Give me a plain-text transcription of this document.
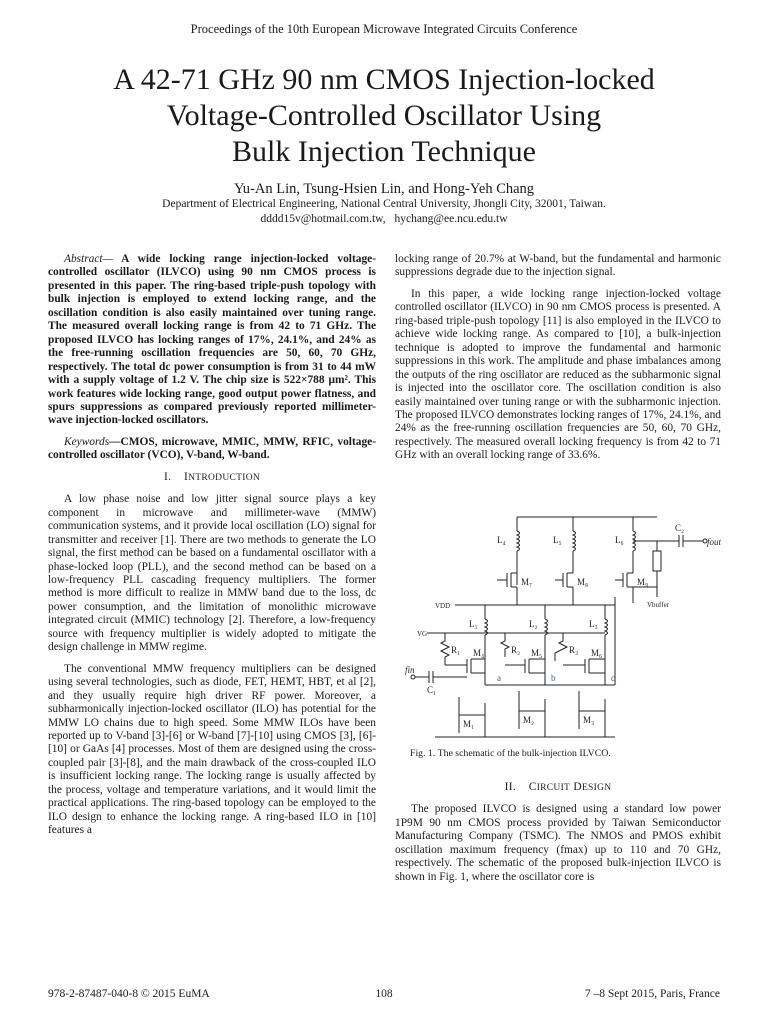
Proceedings of the 10th European Microwave Integrated Circuits Conference
A 42-71 GHz 90 nm CMOS Injection-locked
Voltage-Controlled Oscillator Using
Bulk Injection Technique
Yu-An Lin, Tsung-Hsien Lin, and Hong-Yeh Chang
Department of Electrical Engineering, National Central University, Jhongli City, 32001, Taiwan.
dddd15v@hotmail.com.tw, hychang@ee.ncu.edu.tw

Abstract— A wide locking range injection-locked voltage-controlled oscillator (ILVCO) using 90 nm CMOS process is presented in this paper. The ring-based triple-push topology with bulk injection is employed to extend locking range, and the oscillation condition is also easily maintained over tuning range. The measured overall locking range is from 42 to 71 GHz. The proposed ILVCO has locking ranges of 17%, 24.1%, and 24% as the free-running oscillation frequencies are 50, 60, 70 GHz, respectively. The total dc power consumption is from 31 to 44 mW with a supply voltage of 1.2 V. The chip size is 522×788 μm². This work features wide locking range, good output power flatness, and spurs suppressions as compared previously reported millimeter-wave injection-locked oscillators.

Keywords—CMOS, microwave, MMIC, MMW, RFIC, voltage-controlled oscillator (VCO), V-band, W-band.

I. INTRODUCTION

A low phase noise and low jitter signal source plays a key component in microwave and millimeter-wave (MMW) communication systems, and it provide local oscillation (LO) signal for transmitter and receiver [1]. There are two methods to generate the LO signal, the first method can be based on a fundamental oscillator with a phase-locked loop (PLL), and the second method can be based on a low-frequency PLL cascading frequency multipliers. The former method is more difficult to realize in MMW band due to the loss, dc power consumption, and the limitation of monolithic microwave integrated circuit (MMIC) technology [2]. Therefore, a low-frequency source with frequency multiplier is widely adopted to mitigate the design challenge in MMW regime.

The conventional MMW frequency multipliers can be designed using several technologies, such as diode, FET, HEMT, HBT, et al [2], and they usually require high driver RF power. Moreover, a subharmonically injection-locked oscillator (ILO) has potential for the MMW LO chains due to high speed. Some MMW ILOs have been reported up to V-band [3]-[6] or W-band [7]-[10] using CMOS [3], [6]-[10] or GaAs [4] processes. Most of them are designed using the cross-coupled pair [3]-[8], and the main drawback of the cross-coupled ILO is insufficient locking range. The locking range is usually affected by the process, voltage and temperature variations, and it would limit the practical applications. The ring-based topology can be employed to the ILO design to enhance the locking range. A ring-based ILO in [10] features a

locking range of 20.7% at W-band, but the fundamental and harmonic suppressions degrade due to the injection signal.

In this paper, a wide locking range injection-locked voltage controlled oscillator (ILVCO) in 90 nm CMOS process is presented. A ring-based triple-push topology [11] is also employed in the ILVCO to achieve wide locking range. As compared to [10], a bulk-injection technique is adopted to improve the fundamental and harmonic suppressions in this work. The amplitude and phase imbalances among the outputs of the ring oscillator are reduced as the subharmonic signal is injected into the oscillator core. The oscillation condition is also easily maintained over tuning range or with the subharmonic injection. The proposed ILVCO demonstrates locking ranges of 17%, 24.1%, and 24% as the free-running oscillation frequencies are 50, 60, 70 GHz, respectively. The measured overall locking frequency is from 42 to 71 GHz with an overall locking range of 33.6%.

L₄	L₅	L₆
M₇	M₈	M₉
C₂
fout
Vbuffer
VDD
VG
L₁	L₂	L₃
R₁	R₂	R₃
M₄	M₅	M₆
fin
C₁
M₁	M₂	M₃
a	b	c
Fig. 1. The schematic of the bulk-injection ILVCO.
II. CIRCUIT DESIGN

The proposed ILVCO is designed using a standard low power 1P9M 90 nm CMOS process provided by Taiwan Semiconductor Manufacturing Company (TSMC). The NMOS and PMOS exhibit oscillation maximum frequency (fmax) up to 110 and 70 GHz, respectively. The schematic of the proposed bulk-injection ILVCO is shown in Fig. 1, where the oscillator core is

978-2-87487-040-8 © 2015 EuMA	108	7 –8 Sept 2015, Paris, France
